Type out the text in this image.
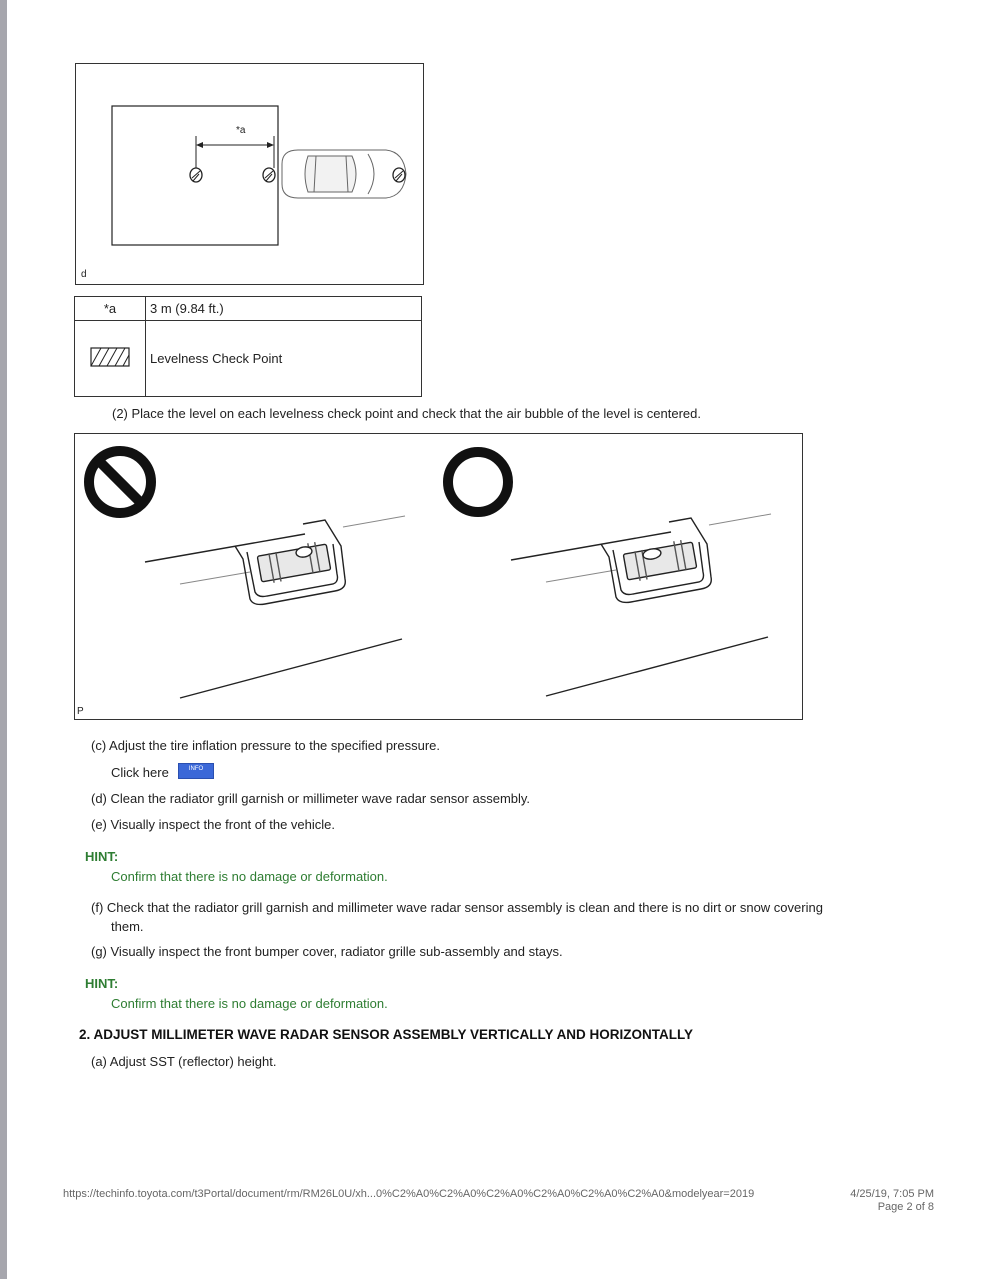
*a
d
*a	3 m (9.84 ft.)
	Levelness Check Point
(2) Place the level on each levelness check point and check that the air bubble of the level is centered.
P
(c) Adjust the tire inflation pressure to the specified pressure.
Click here	INFO
(d) Clean the radiator grill garnish or millimeter wave radar sensor assembly.
(e) Visually inspect the front of the vehicle.
HINT:
Confirm that there is no damage or deformation.
(f) Check that the radiator grill garnish and millimeter wave radar sensor assembly is clean and there is no dirt or snow covering
them.
(g) Visually inspect the front bumper cover, radiator grille sub-assembly and stays.
HINT:
Confirm that there is no damage or deformation.
2. ADJUST MILLIMETER WAVE RADAR SENSOR ASSEMBLY VERTICALLY AND HORIZONTALLY
(a) Adjust SST (reflector) height.
https://techinfo.toyota.com/t3Portal/document/rm/RM26L0U/xh...0%C2%A0%C2%A0%C2%A0%C2%A0%C2%A0%C2%A0&modelyear=2019	4/25/19, 7:05 PM
Page 2 of 8
